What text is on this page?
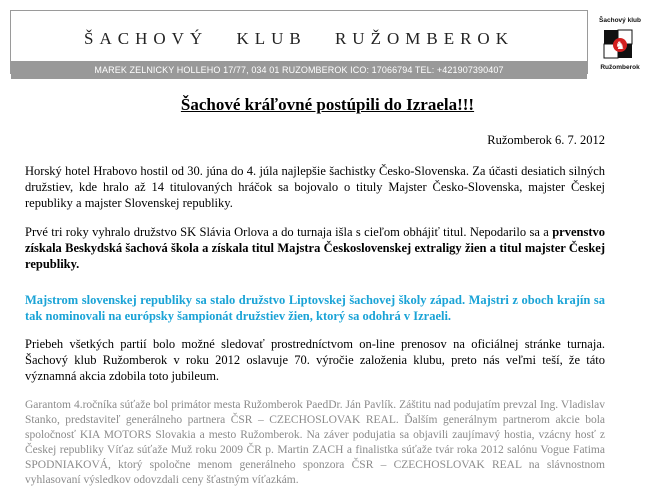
ŠACHOVÝ KLUB RUŽOMBEROK
MAREK ZELNICKY HOLLEHO 17/77, 034 01 RUZOMBEROK ICO: 17066794 TEL: +421907390407
Šachový klub
♞
Ružomberok
Šachové kráľovné postúpili do Izraela!!!
Ružomberok 6. 7. 2012
Horský hotel Hrabovo hostil od 30. júna do 4. júla najlepšie šachistky Česko-Slovenska. Za účasti desiatich silných družstiev, kde hralo až 14 titulovaných hráčok sa bojovalo o tituly Majster Česko-Slovenska, majster Českej republiky a majster Slovenskej republiky.
Prvé tri roky vyhralo družstvo SK Slávia Orlova a do turnaja išla s cieľom obhájiť titul. Nepodarilo sa a prvenstvo získala Beskydská šachová škola a získala titul Majstra Československej extraligy žien a titul majster Českej republiky.
Majstrom slovenskej republiky sa stalo družstvo Liptovskej šachovej školy západ. Majstri z oboch krajín sa tak nominovali na európsky šampionát družstiev žien, ktorý sa odohrá v Izraeli.
Priebeh všetkých partií bolo možné sledovať prostredníctvom on-line prenosov na oficiálnej stránke turnaja. Šachový klub Ružomberok v roku 2012 oslavuje 70. výročie založenia klubu, preto nás veľmi teší, že táto významná akcia zdobila toto jubileum.
Garantom 4.ročníka súťaže bol primátor mesta Ružomberok PaedDr. Ján Pavlík. Záštitu nad podujatím prevzal Ing. Vladislav Stanko, predstaviteľ generálneho partnera ČSR – CZECHOSLOVAK REAL. Ďalším generálnym partnerom akcie bola spoločnosť KIA MOTORS Slovakia a mesto Ružomberok. Na záver podujatia sa objavili zaujímavý hostia, vzácny hosť z Českej republiky Víťaz súťaže Muž roku 2009 ČR p. Martin ZACH a finalistka súťaže tvár roka 2012 salónu Vogue Fatima SPODNIAKOVÁ, ktorý spoločne menom generálneho sponzora ČSR – CZECHOSLOVAK REAL na slávnostnom vyhlasovaní výsledkov odovzdali ceny šťastným víťazkám.
